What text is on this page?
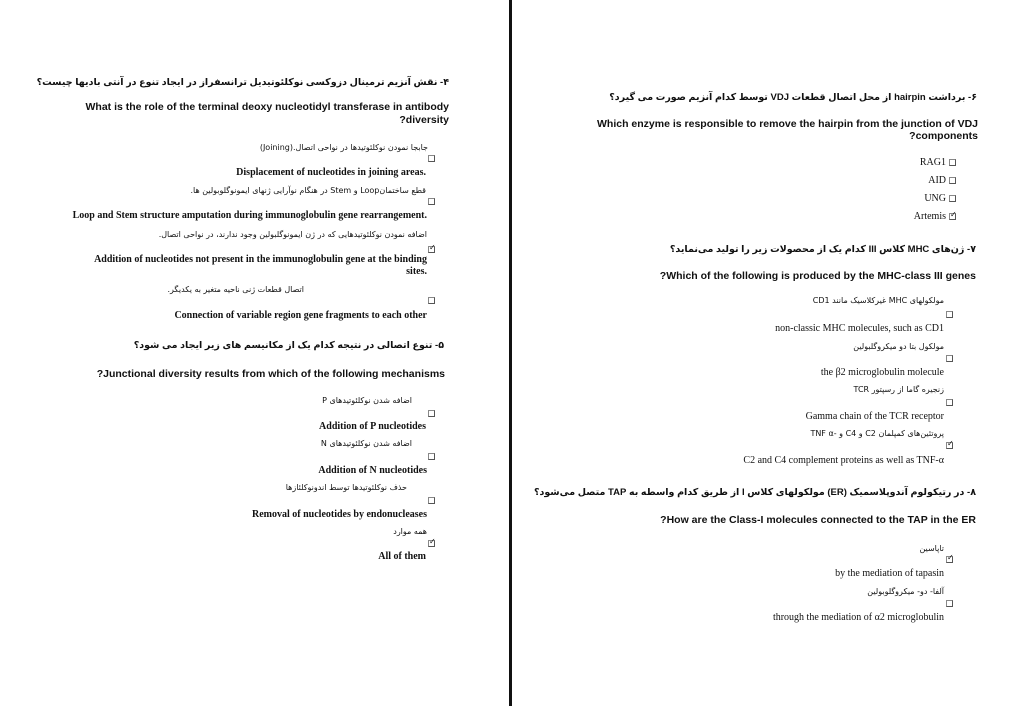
۴- نقش آنزیم ترمینال دزوکسی نوکلئوتیدیل ترانسفراز در ایجاد تنوع در آنتی بادیها چیست؟
What is the role of the terminal deoxy nucleotidyl transferase in antibody
?diversity
جابجا نمودن نوکلئوتیدها در نواحی اتصال.(Joining)
Displacement of nucleotides in joining areas.
قطع ساختمانLoop و Stem در هنگام نوآرایی ژنهای ایمونوگلوبولین ها.
Loop and Stem structure amputation during immunoglobulin gene rearrangement.
اضافه نمودن نوکلئوتیدهایی که در ژن ایمونوگلبولین وجود ندارند، در نواحی اتصال.
✓
Addition of nucleotides not present in the immunoglobulin gene at the binding
sites.
اتصال قطعات ژنی ناحیه متغیر به یکدیگر.
Connection of variable region gene fragments to each other
۵- تنوع اتصالی در نتیجه کدام یک از مکانیسم های زیر ایجاد می شود؟
?Junctional diversity results from which of the following mechanisms
اضافه شدن نوکلئوتیدهای P
Addition of P nucleotides
اضافه شدن نوکلئوتیدهای N
Addition of N nucleotides
حذف نوکلئوتیدها توسط اندونوکلئازها
Removal of nucleotides by endonucleases
همه موارد
✓
All of them
۶- برداشت hairpin از محل اتصال قطعات VDJ توسط کدام آنزیم صورت می گیرد؟
Which enzyme is responsible to remove the hairpin from the junction of VDJ
?components
RAG1
AID
UNG
Artemis ✓
۷- ژن‌های MHC کلاس III کدام یک از محصولات زیر را تولید می‌نماید؟
?Which of the following is produced by the MHC-class III genes
مولکولهای MHC غیرکلاسیک مانند CD1
non-classic MHC molecules, such as CD1
مولکول بتا دو میکروگلبولین
the β2 microglobulin molecule
زنجیره گاما از رسپتور TCR
Gamma chain of the TCR receptor
پروتئین‌های کمپلمان C2 و C4 و -TNF α
✓
C2 and C4 complement proteins as well as TNF-α
۸- در رتیکولوم آندوپلاسمیک (ER) مولکولهای کلاس I از طریق کدام واسطه به TAP متصل می‌شود؟
?How are the Class-I molecules connected to the TAP in the ER
تاپاسین
✓
by the mediation of tapasin
آلفا- دو- میکروگلوبولین
through the mediation of α2 microglobulin
